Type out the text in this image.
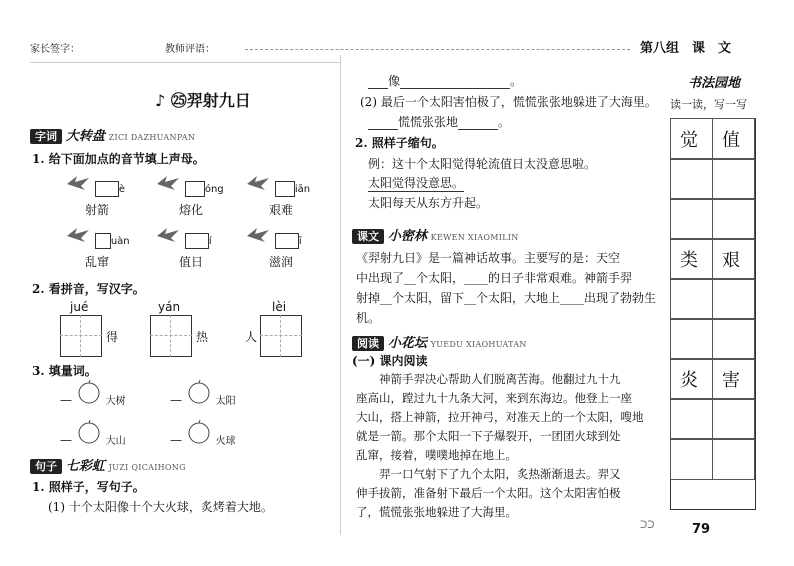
家长签字：	教师评语：	第八组　课　文
♪ ㉕羿射九日
字词 大转盘 ZICI DAZHUANPAN
1. 给下面加点的音节填上声母。
è
射箭
óng
熔化
iān
艰难
uàn
乱窜
í
值日
ī
滋润
2. 看拼音，写汉字。
jué	yán	lèi
得	热	人
3. 填量词。
—	大树
—	大山
—	太阳
—	火球
句子 七彩虹 JUZI QICAIHONG
1. 照样子，写句子。
(1) 十个太阳像十个大火球，炙烤着大地。
像	。
(2) 最后一个太阳害怕极了，慌慌张张地躲进了大海里。
慌慌张张地	。
2. 照样子缩句。
例：这十个太阳觉得轮流值日太没意思啦。
太阳觉得没意思。
太阳每天从东方升起。
课文 小密林 KEWEN XIAOMILIN
《羿射九日》是一篇神话故事。主要写的是：天空
中出现了__个太阳，____的日子非常艰难。神箭手羿
射掉__个太阳，留下__个太阳，大地上____出现了勃勃生
机。
阅读 小花坛 YUEDU XIAOHUATAN
(一) 课内阅读
神箭手羿决心帮助人们脱离苦海。他翻过九十九
座高山，蹚过九十九条大河，来到东海边。他登上一座
大山，搭上神箭，拉开神弓，对准天上的一个太阳，嗖地
就是一箭。那个太阳一下子爆裂开，一团团火球到处
乱窜，接着，噗噗地掉在地上。
羿一口气射下了九个太阳，炙热渐渐退去。羿又
伸手拔箭，准备射下最后一个太阳。这个太阳害怕极
了，慌慌张张地躲进了大海里。
书法园地
读一读，写一写
觉 值
类 艰
炎 害
ᑐᑐ	79
